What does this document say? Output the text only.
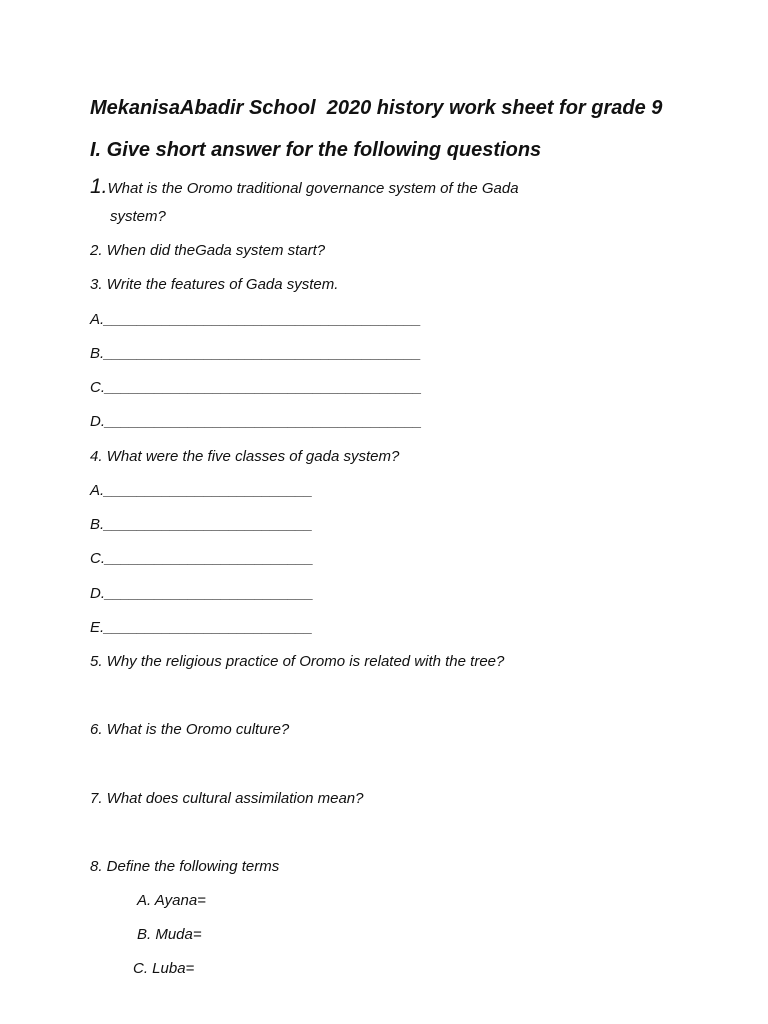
MekanisaAbadir School  2020 history work sheet for grade 9
I. Give short answer for the following questions
1.What is the Oromo traditional governance system of the Gada
system?
2. When did theGada system start?
3. Write the features of Gada system.
A.______________________________________
B.______________________________________
C.______________________________________
D.______________________________________
4. What were the five classes of gada system?
A._________________________
B._________________________
C._________________________
D._________________________
E._________________________
5. Why the religious practice of Oromo is related with the tree?
6. What is the Oromo culture?
7. What does cultural assimilation mean?
8. Define the following terms
A. Ayana=
B. Muda=
C. Luba=
